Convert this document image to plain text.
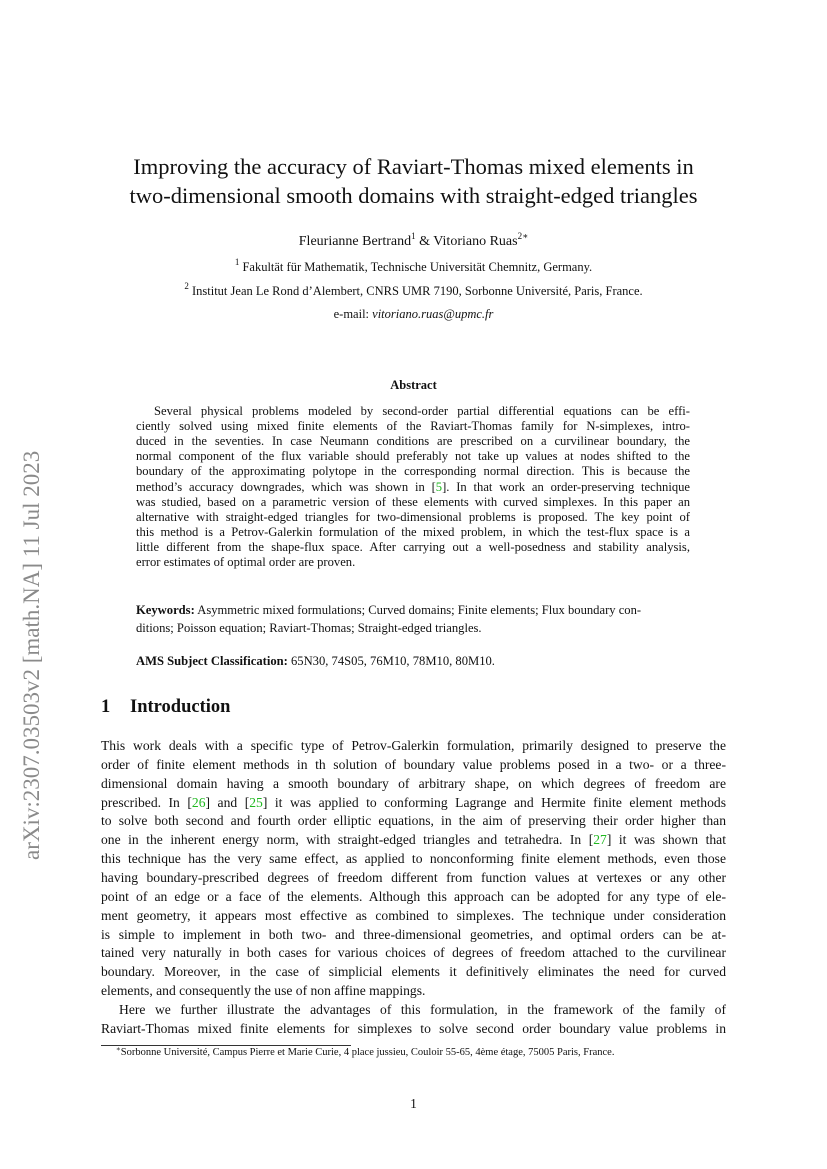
arXiv:2307.03503v2 [math.NA] 11 Jul 2023
Improving the accuracy of Raviart-Thomas mixed elements in
two-dimensional smooth domains with straight-edged triangles
Fleurianne Bertrand$^1$ & Vitoriano Ruas$^{2∗}$
$^1$ Fakultät für Mathematik, Technische Universität Chemnitz, Germany.
$^2$ Institut Jean Le Rond d’Alembert, CNRS UMR 7190, Sorbonne Université, Paris, France.
e-mail: vitoriano.ruas@upmc.fr
Abstract
Several physical problems modeled by second-order partial differential equations can be effi-
ciently solved using mixed finite elements of the Raviart-Thomas family for N-simplexes, intro-
duced in the seventies. In case Neumann conditions are prescribed on a curvilinear boundary, the
normal component of the flux variable should preferably not take up values at nodes shifted to the
boundary of the approximating polytope in the corresponding normal direction. This is because the
method’s accuracy downgrades, which was shown in [5]. In that work an order-preserving technique
was studied, based on a parametric version of these elements with curved simplexes. In this paper an
alternative with straight-edged triangles for two-dimensional problems is proposed. The key point of
this method is a Petrov-Galerkin formulation of the mixed problem, in which the test-flux space is a
little different from the shape-flux space. After carrying out a well-posedness and stability analysis,
error estimates of optimal order are proven.
Keywords: Asymmetric mixed formulations; Curved domains; Finite elements; Flux boundary con-
ditions; Poisson equation; Raviart-Thomas; Straight-edged triangles.
AMS Subject Classification: 65N30, 74S05, 76M10, 78M10, 80M10.
1 Introduction
This work deals with a specific type of Petrov-Galerkin formulation, primarily designed to preserve the
order of finite element methods in th solution of boundary value problems posed in a two- or a three-
dimensional domain having a smooth boundary of arbitrary shape, on which degrees of freedom are
prescribed. In [26] and [25] it was applied to conforming Lagrange and Hermite finite element methods
to solve both second and fourth order elliptic equations, in the aim of preserving their order higher than
one in the inherent energy norm, with straight-edged triangles and tetrahedra. In [27] it was shown that
this technique has the very same effect, as applied to nonconforming finite element methods, even those
having boundary-prescribed degrees of freedom different from function values at vertexes or any other
point of an edge or a face of the elements. Although this approach can be adopted for any type of ele-
ment geometry, it appears most effective as combined to simplexes. The technique under consideration
is simple to implement in both two- and three-dimensional geometries, and optimal orders can be at-
tained very naturally in both cases for various choices of degrees of freedom attached to the curvilinear
boundary. Moreover, in the case of simplicial elements it definitively eliminates the need for curved
elements, and consequently the use of non affine mappings.
Here we further illustrate the advantages of this formulation, in the framework of the family of
Raviart-Thomas mixed finite elements for simplexes to solve second order boundary value problems in
∗Sorbonne Université, Campus Pierre et Marie Curie, 4 place jussieu, Couloir 55-65, 4ème étage, 75005 Paris, France.
1
